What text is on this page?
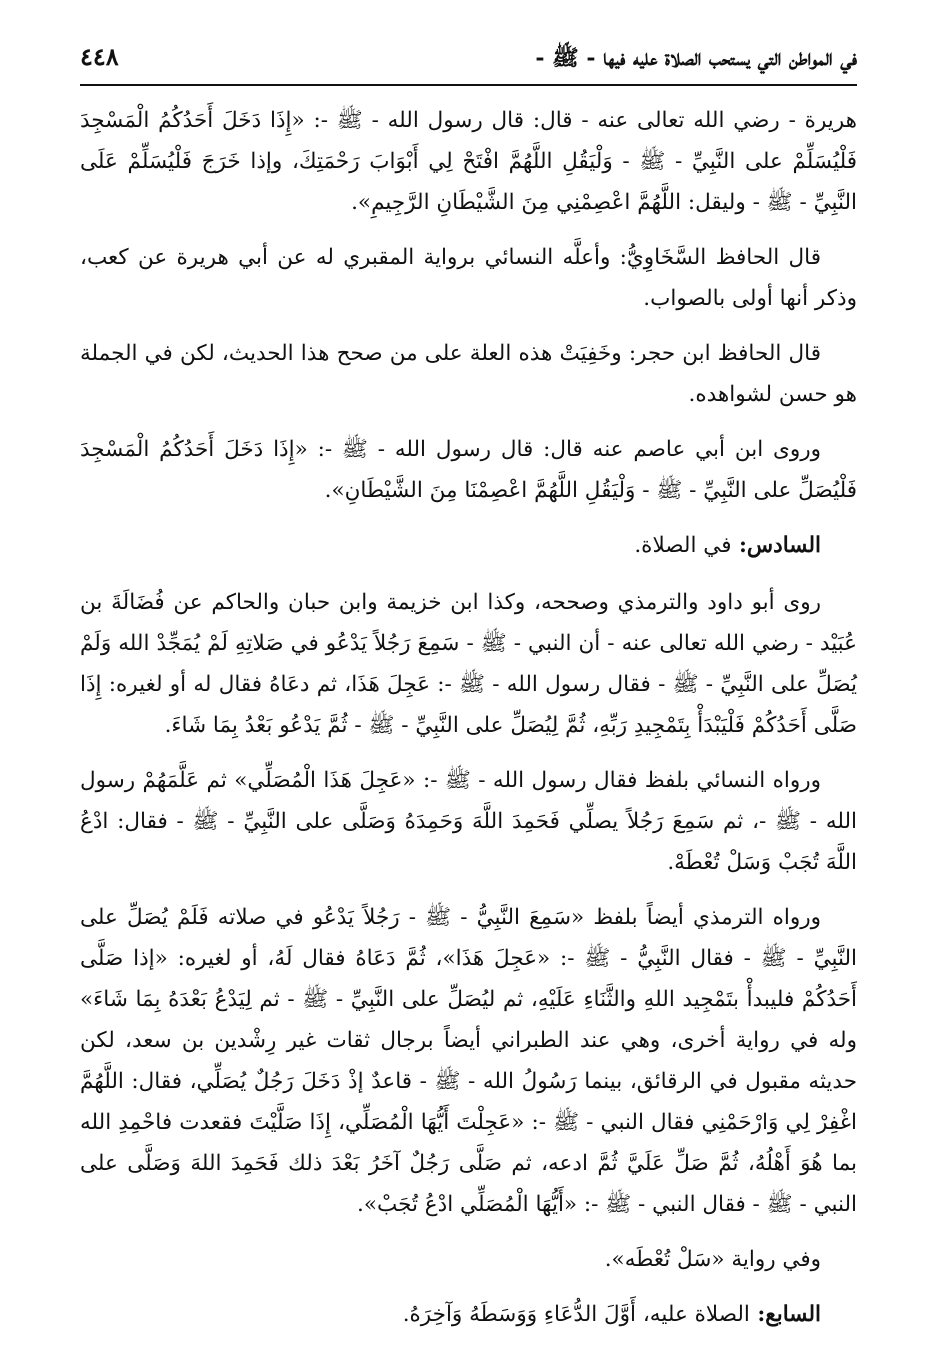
في المواطن التي يستحب الصلاة عليه فيها - ﷺ -
٤٤٨

هريرة - رضي الله تعالى عنه - قال: قال رسول الله - ﷺ -: «إِذَا دَخَلَ أَحَدُكُمُ الْمَسْجِدَ فَلْيُسَلِّمْ على النَّبِيِّ - ﷺ - وَلْيَقُلِ اللَّهُمَّ افْتَحْ لِي أَبْوَابَ رَحْمَتِكَ، وإذا خَرَجَ فَلْيُسَلِّمْ عَلَى النَّبِيِّ - ﷺ - وليقل: اللَّهُمَّ اعْصِمْنِي مِنَ الشَّيْطَانِ الرَّجِيمِ».

قال الحافظ السَّخَاوِيُّ: وأعلَّه النسائي برواية المقبري له عن أبي هريرة عن كعب، وذكر أنها أولى بالصواب.

قال الحافظ ابن حجر: وخَفِيَتْ هذه العلة على من صحح هذا الحديث، لكن في الجملة هو حسن لشواهده.

وروى ابن أبي عاصم عنه قال: قال رسول الله - ﷺ -: «إِذَا دَخَلَ أَحَدُكُمُ الْمَسْجِدَ فَلْيُصَلِّ على النَّبِيِّ - ﷺ - وَلْيَقُلِ اللَّهُمَّ اعْصِمْنَا مِنَ الشَّيْطَانِ».

السادس: في الصلاة.

روى أبو داود والترمذي وصححه، وكذا ابن خزيمة وابن حبان والحاكم عن فُضَالَةَ بن عُبَيْد - رضي الله تعالى عنه - أن النبي - ﷺ - سَمِعَ رَجُلاً يَدْعُو في صَلاتِهِ لَمْ يُمَجِّدْ الله وَلَمْ يُصَلِّ على النَّبِيِّ - ﷺ - فقال رسول الله - ﷺ -: عَجِلَ هَذَا، ثم دعَاهُ فقال له أو لغيره: إِذَا صَلَّى أَحَدُكُمْ فَلْيَبْدَأْ بِتَمْجِيدِ رَبِّهِ، ثُمَّ لِيُصَلِّ على النَّبِيِّ - ﷺ - ثُمَّ يَدْعُو بَعْدُ بِمَا شَاءَ.

ورواه النسائي بلفظ فقال رسول الله - ﷺ -: «عَجِلَ هَذَا الْمُصَلِّي» ثم عَلَّمَهُمْ رسول الله - ﷺ -، ثم سَمِعَ رَجُلاً يصلِّي فَحَمِدَ اللَّهَ وَحَمِدَهُ وَصَلَّى على النَّبِيِّ - ﷺ - فقال: ادْعُ اللَّهَ تُجَبْ وَسَلْ تُعْطَهْ.

ورواه الترمذي أيضاً بلفظ «سَمِعَ النَّبِيُّ - ﷺ - رَجُلاً يَدْعُو في صلاته فَلَمْ يُصَلِّ على النَّبِيِّ - ﷺ - فقال النَّبِيُّ - ﷺ -: «عَجِلَ هَذَا»، ثُمَّ دَعَاهُ فقال لَهُ، أو لغيره: «إذا صَلَّى أَحَدُكُمْ فليبدأْ بتَمْجِيد اللهِ والثَّنَاءِ عَلَيْهِ، ثم ليُصَلِّ على النَّبِيِّ - ﷺ - ثم لِيَدْعُ بَعْدَهُ بِمَا شَاءَ» وله في رواية أخرى، وهي عند الطبراني أيضاً برجال ثقات غير رِشْدين بن سعد، لكن حديثه مقبول في الرقائق، بينما رَسُولُ الله - ﷺ - قاعدٌ إذْ دَخَلَ رَجُلٌ يُصَلِّي، فقال: اللَّهُمَّ اغْفِرْ لِي وَارْحَمْنِي فقال النبي - ﷺ -: «عَجِلْتَ أَيُّهَا الْمُصَلِّي، إِذَا صَلَّيْتَ فقعدت فاحْمِدِ الله بما هُوَ أَهْلُهُ، ثُمَّ صَلِّ عَلَيَّ ثُمَّ ادعه، ثم صَلَّى رَجُلٌ آخَرُ بَعْدَ ذلك فَحَمِدَ اللهَ وَصَلَّى على النبي - ﷺ - فقال النبي - ﷺ -: «أَيُّهَا الْمُصَلِّي ادْعُ تُجَبْ».

وفي رواية «سَلْ تُعْطَه».

السابع: الصلاة عليه، أَوَّلَ الدُّعَاءِ وَوَسَطَهُ وَآخِرَهُ.
